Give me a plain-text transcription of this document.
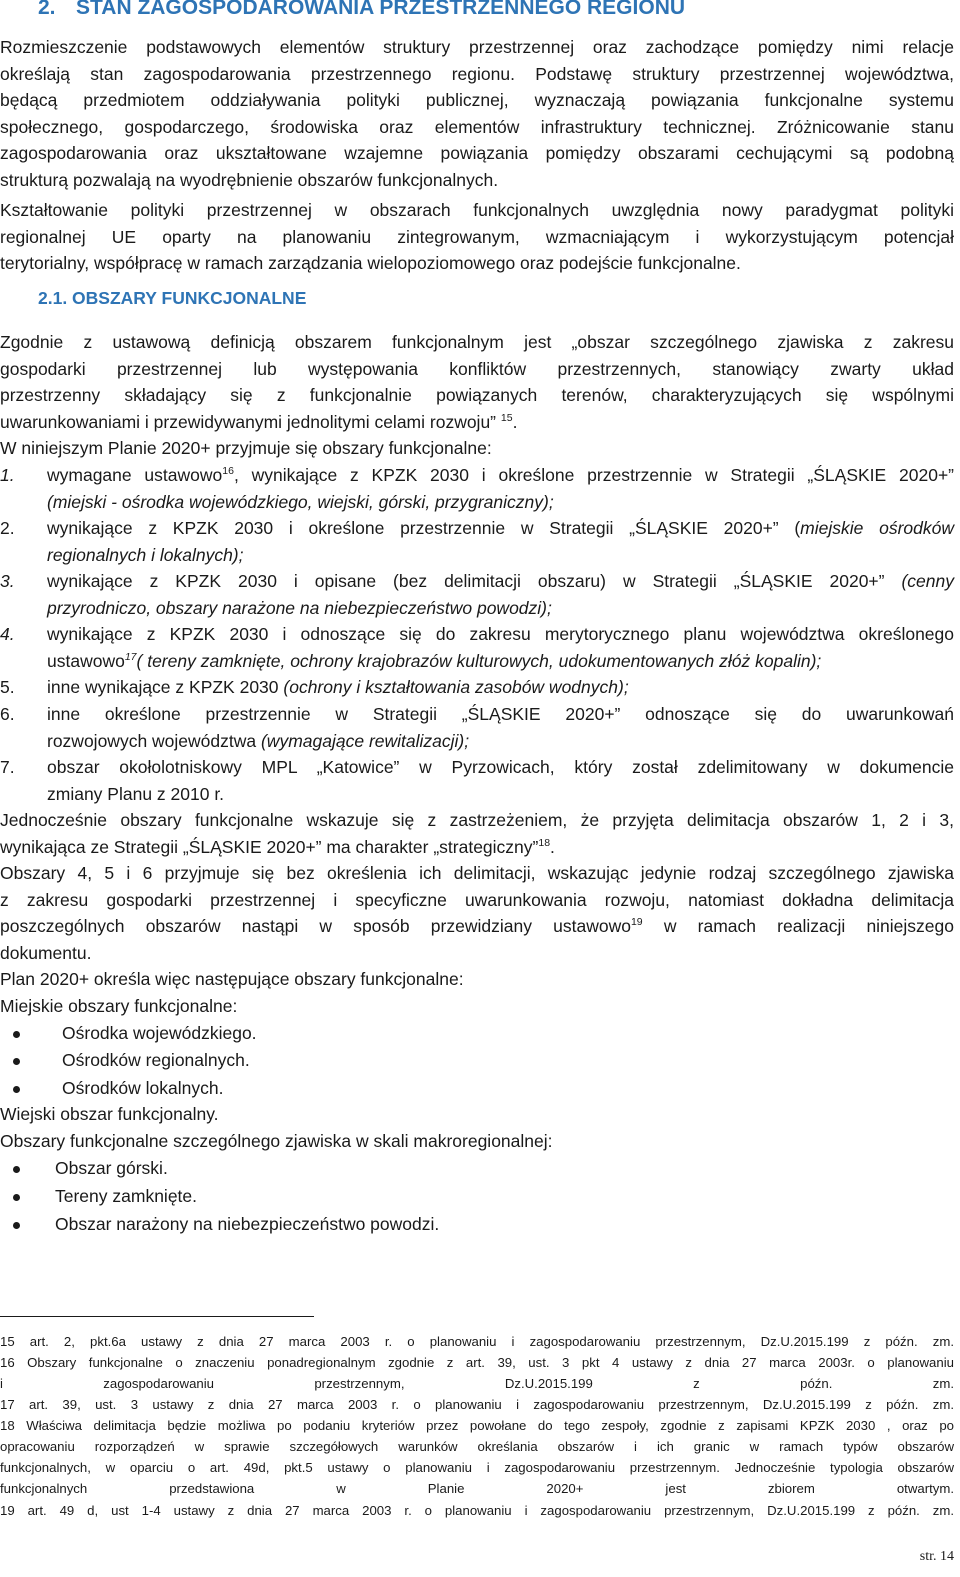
2. STAN ZAGOSPODAROWANIA PRZESTRZENNEGO REGIONU
Rozmieszczenie podstawowych elementów struktury przestrzennej oraz zachodzące pomiędzy nimi relacje
określają stan zagospodarowania przestrzennego regionu. Podstawę struktury przestrzennej województwa,
będącą przedmiotem oddziaływania polityki publicznej, wyznaczają powiązania funkcjonalne systemu
społecznego, gospodarczego, środowiska oraz elementów infrastruktury technicznej. Zróżnicowanie stanu
zagospodarowania oraz ukształtowane wzajemne powiązania pomiędzy obszarami cechującymi są podobną
strukturą pozwalają na wyodrębnienie obszarów funkcjonalnych.
Kształtowanie polityki przestrzennej w obszarach funkcjonalnych uwzględnia nowy paradygmat polityki
regionalnej UE oparty na planowaniu zintegrowanym, wzmacniającym i wykorzystującym potencjał
terytorialny, współpracę w ramach zarządzania wielopoziomowego oraz podejście funkcjonalne.
2.1. OBSZARY FUNKCJONALNE
Zgodnie z ustawową definicją obszarem funkcjonalnym jest „obszar szczególnego zjawiska z zakresu
gospodarki przestrzennej lub występowania konfliktów przestrzennych, stanowiący zwarty układ
przestrzenny składający się z funkcjonalnie powiązanych terenów, charakteryzujących się wspólnymi
uwarunkowaniami i przewidywanymi jednolitymi celami rozwoju” $^{15}$.
W niniejszym Planie 2020+ przyjmuje się obszary funkcjonalne:
1. wymagane ustawowo$^{16}$, wynikające z KPZK 2030 i określone przestrzennie w Strategii „ŚLĄSKIE 2020+”
(miejski - ośrodka wojewódzkiego, wiejski, górski, przygraniczny);
2. wynikające z KPZK 2030 i określone przestrzennie w Strategii „ŚLĄSKIE 2020+” (miejskie ośrodków
regionalnych i lokalnych);
3. wynikające z KPZK 2030 i opisane (bez delimitacji obszaru) w Strategii „ŚLĄSKIE 2020+” (cenny
przyrodniczo, obszary narażone na niebezpieczeństwo powodzi);
4. wynikające z KPZK 2030 i odnoszące się do zakresu merytorycznego planu województwa określonego
ustawowo$^{17}$( tereny zamknięte, ochrony krajobrazów kulturowych, udokumentowanych złóż kopalin);
5. inne wynikające z KPZK 2030 (ochrony i kształtowania zasobów wodnych);
6. inne określone przestrzennie w Strategii „ŚLĄSKIE 2020+” odnoszące się do uwarunkowań
rozwojowych województwa (wymagające rewitalizacji);
7. obszar okołolotniskowy MPL „Katowice” w Pyrzowicach, który został zdelimitowany w dokumencie
zmiany Planu z 2010 r.
Jednocześnie obszary funkcjonalne wskazuje się z zastrzeżeniem, że przyjęta delimitacja obszarów 1, 2 i 3,
wynikająca ze Strategii „ŚLĄSKIE 2020+” ma charakter „strategiczny”$^{18}$.
Obszary 4, 5 i 6 przyjmuje się bez określenia ich delimitacji, wskazując jedynie rodzaj szczególnego zjawiska
z zakresu gospodarki przestrzennej i specyficzne uwarunkowania rozwoju, natomiast dokładna delimitacja
poszczególnych obszarów nastąpi w sposób przewidziany ustawowo$^{19}$ w ramach realizacji niniejszego
dokumentu.
Plan 2020+ określa więc następujące obszary funkcjonalne:
Miejskie obszary funkcjonalne:
Ośrodka wojewódzkiego.
Ośrodków regionalnych.
Ośrodków lokalnych.
Wiejski obszar funkcjonalny.
Obszary funkcjonalne szczególnego zjawiska w skali makroregionalnej:
Obszar górski.
Tereny zamknięte.
Obszar narażony na niebezpieczeństwo powodzi.
15 art. 2, pkt.6a ustawy z dnia 27 marca 2003 r. o planowaniu i zagospodarowaniu przestrzennym, Dz.U.2015.199 z późn. zm.
16 Obszary funkcjonalne o znaczeniu ponadregionalnym zgodnie z art. 39, ust. 3 pkt 4 ustawy z dnia 27 marca 2003r. o planowaniu
i zagospodarowaniu przestrzennym, Dz.U.2015.199 z późn. zm.
17 art. 39, ust. 3 ustawy z dnia 27 marca 2003 r. o planowaniu i zagospodarowaniu przestrzennym, Dz.U.2015.199 z późn. zm.
18 Właściwa delimitacja będzie możliwa po podaniu kryteriów przez powołane do tego zespoły, zgodnie z zapisami KPZK 2030 , oraz po
opracowaniu rozporządzeń w sprawie szczegółowych warunków określania obszarów i ich granic w ramach typów obszarów
funkcjonalnych, w oparciu o art. 49d, pkt.5 ustawy o planowaniu i zagospodarowaniu przestrzennym. Jednocześnie typologia obszarów
funkcjonalnych przedstawiona w Planie 2020+ jest zbiorem otwartym.
19 art. 49 d, ust 1-4 ustawy z dnia 27 marca 2003 r. o planowaniu i zagospodarowaniu przestrzennym, Dz.U.2015.199 z późn. zm.
str. 14
